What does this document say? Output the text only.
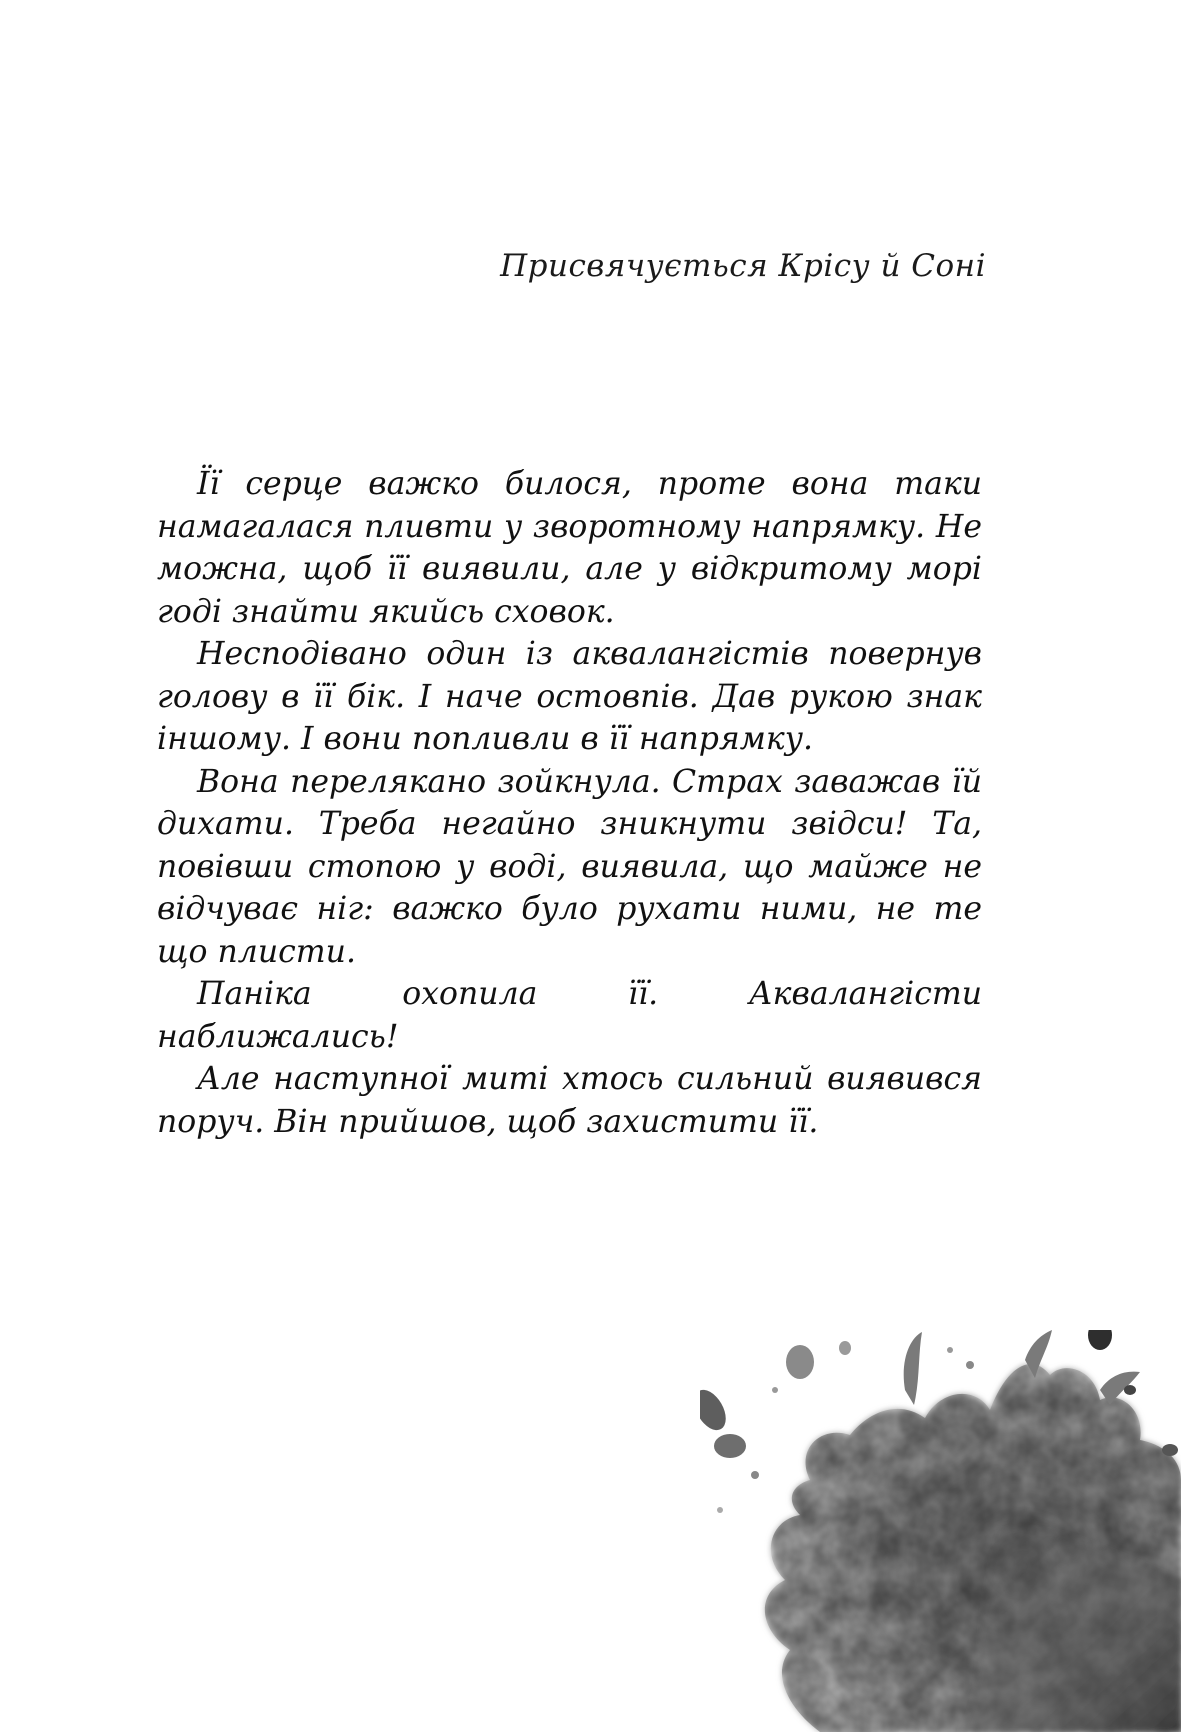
Присвячується Крісу й Соні

Її серце важко билося, проте вона таки намагалася пливти у зворотному напрямку. Не можна, щоб її виявили, але у відкритому морі годі знайти якийсь сховок.

Несподівано один із аквалангістів повернув голову в її бік. І наче остовпів. Дав рукою знак іншому. І вони попливли в її напрямку.

Вона перелякано зойкнула. Страх заважав їй дихати. Треба негайно зникнути звідси! Та, повівши стопою у воді, виявила, що майже не відчуває ніг: важко було рухати ними, не те що плисти.

Паніка охопила її. Аквалангісти наближались!

Але наступної миті хтось сильний виявився поруч. Він прийшов, щоб захистити її.
